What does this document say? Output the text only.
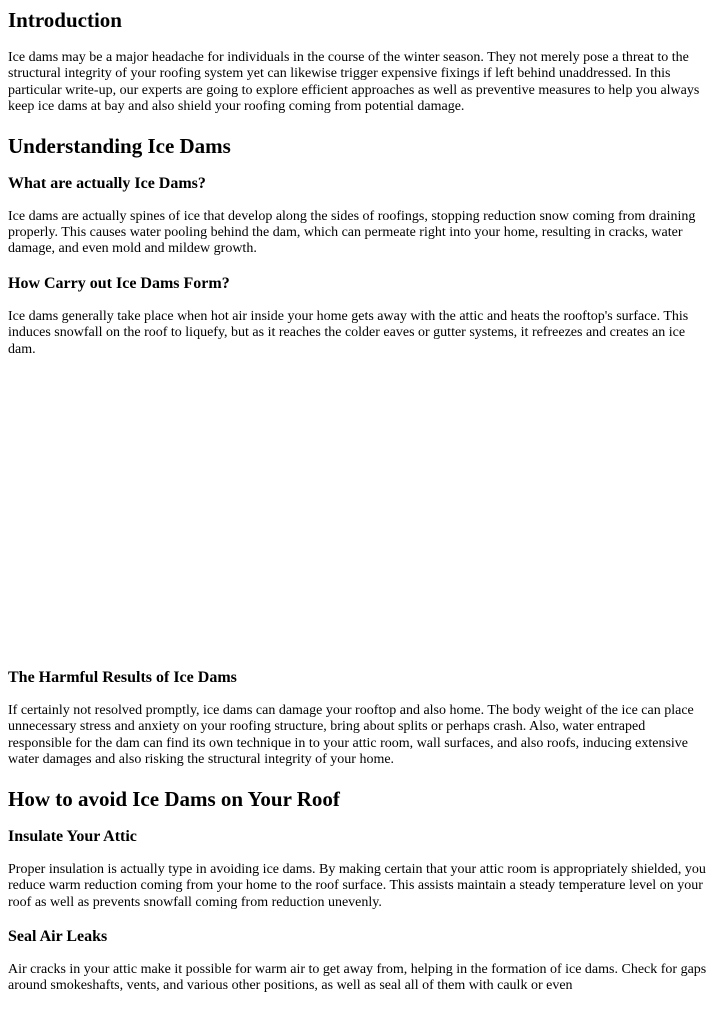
Introduction

Ice dams may be a major headache for individuals in the course of the winter season. They not merely pose a threat to the structural integrity of your roofing system yet can likewise trigger expensive fixings if left behind unaddressed. In this particular write-up, our experts are going to explore efficient approaches as well as preventive measures to help you always keep ice dams at bay and also shield your roofing coming from potential damage.

Understanding Ice Dams
What are actually Ice Dams?

Ice dams are actually spines of ice that develop along the sides of roofings, stopping reduction snow coming from draining properly. This causes water pooling behind the dam, which can permeate right into your home, resulting in cracks, water damage, and even mold and mildew growth.

How Carry out Ice Dams Form?

Ice dams generally take place when hot air inside your home gets away with the attic and heats the rooftop's surface. This induces snowfall on the roof to liquefy, but as it reaches the colder eaves or gutter systems, it refreezes and creates an ice dam.

The Harmful Results of Ice Dams

If certainly not resolved promptly, ice dams can damage your rooftop and also home. The body weight of the ice can place unnecessary stress and anxiety on your roofing structure, bring about splits or perhaps crash. Also, water entraped responsible for the dam can find its own technique in to your attic room, wall surfaces, and also roofs, inducing extensive water damages and also risking the structural integrity of your home.

How to avoid Ice Dams on Your Roof
Insulate Your Attic

Proper insulation is actually type in avoiding ice dams. By making certain that your attic room is appropriately shielded, you reduce warm reduction coming from your home to the roof surface. This assists maintain a steady temperature level on your roof as well as prevents snowfall coming from reduction unevenly.

Seal Air Leaks

Air cracks in your attic make it possible for warm air to get away from, helping in the formation of ice dams. Check for gaps around smokeshafts, vents, and various other positions, as well as seal all of them with caulk or even
